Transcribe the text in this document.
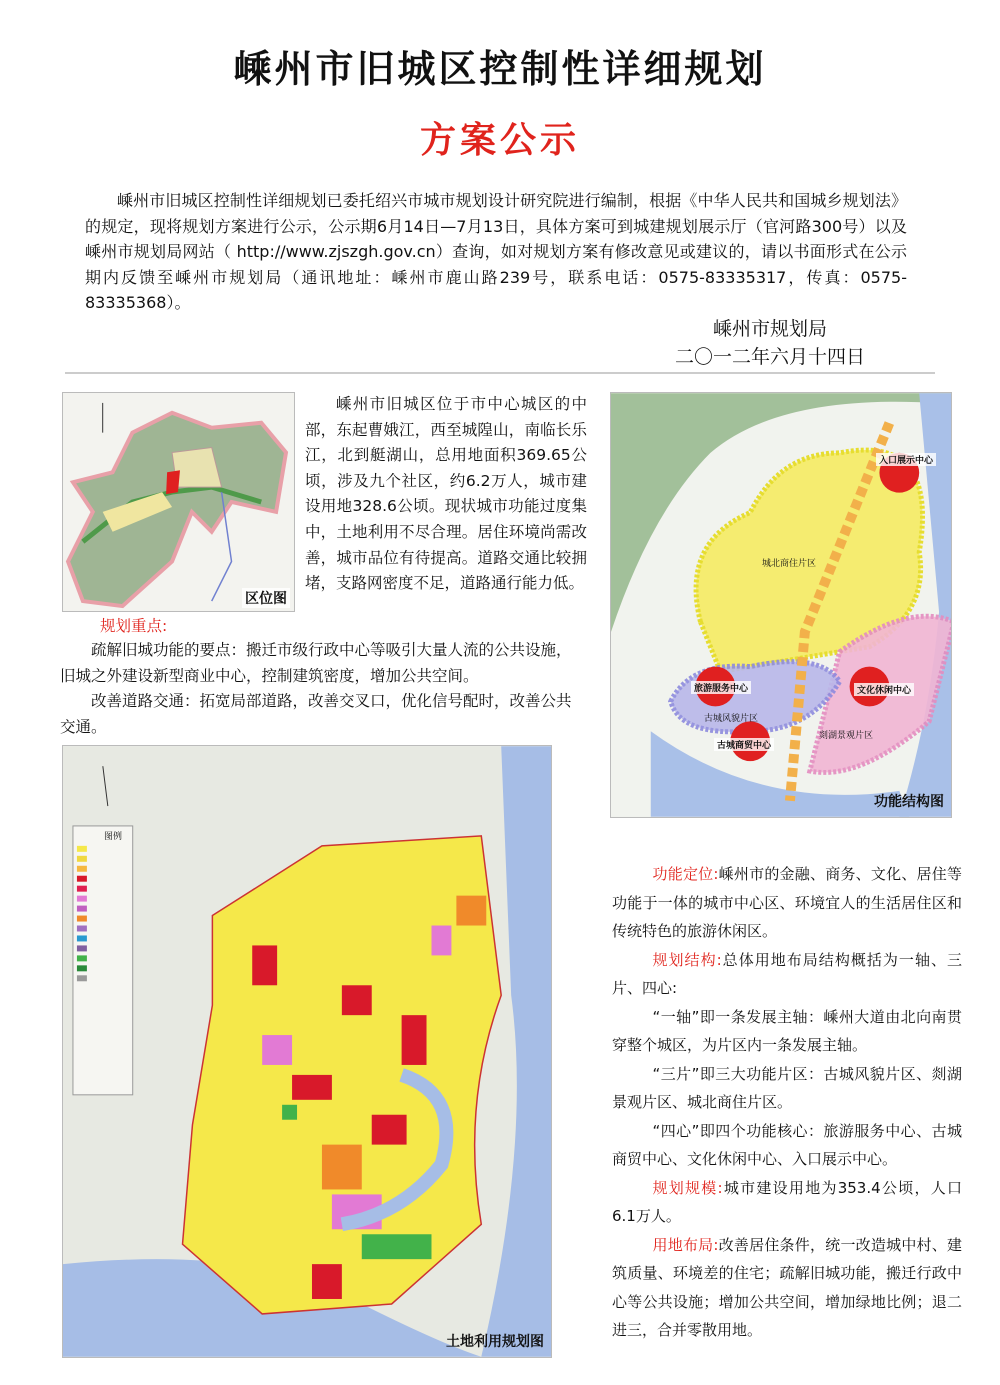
嵊州市旧城区控制性详细规划
方案公示
嵊州市旧城区控制性详细规划已委托绍兴市城市规划设计研究院进行编制，根据《中华人民共和国城乡规划法》的规定，现将规划方案进行公示，公示期6月14日—7月13日，具体方案可到城建规划展示厅（官河路300号）以及嵊州市规划局网站（ http://www.zjszgh.gov.cn）查询，如对规划方案有修改意见或建议的，请以书面形式在公示期内反馈至嵊州市规划局（通讯地址：嵊州市鹿山路239号，联系电话：0575-83335317，传真：0575-83335368）。
嵊州市规划局
二〇一二年六月十四日
区位图
嵊州市旧城区位于市中心城区的中部，东起曹娥江，西至城隍山，南临长乐江，北到艇湖山，总用地面积369.65公顷，涉及九个社区，约6.2万人，城市建设用地328.6公顷。现状城市功能过度集中，土地利用不尽合理。居住环境尚需改善，城市品位有待提高。道路交通比较拥堵，支路网密度不足，道路通行能力低。
规划重点:

疏解旧城功能的要点：搬迁市级行政中心等吸引大量人流的公共设施，旧城之外建设新型商业中心，控制建筑密度，增加公共空间。

改善道路交通：拓宽局部道路，改善交叉口，优化信号配时，改善公共交通。

入口展示中心
旅游服务中心
古城商贸中心
文化休闲中心
城北商住片区
古城风貌片区
剡湖景观片区
功能结构图
图例
土地利用规划图

功能定位:嵊州市的金融、商务、文化、居住等功能于一体的城市中心区、环境宜人的生活居住区和传统特色的旅游休闲区。

规划结构:总体用地布局结构概括为一轴、三片、四心:

“一轴”即一条发展主轴：嵊州大道由北向南贯穿整个城区，为片区内一条发展主轴。

“三片”即三大功能片区：古城风貌片区、剡湖景观片区、城北商住片区。

“四心”即四个功能核心：旅游服务中心、古城商贸中心、文化休闲中心、入口展示中心。

规划规模:城市建设用地为353.4公顷，人口6.1万人。

用地布局:改善居住条件，统一改造城中村、建筑质量、环境差的住宅；疏解旧城功能，搬迁行政中心等公共设施；增加公共空间，增加绿地比例；退二进三，合并零散用地。
